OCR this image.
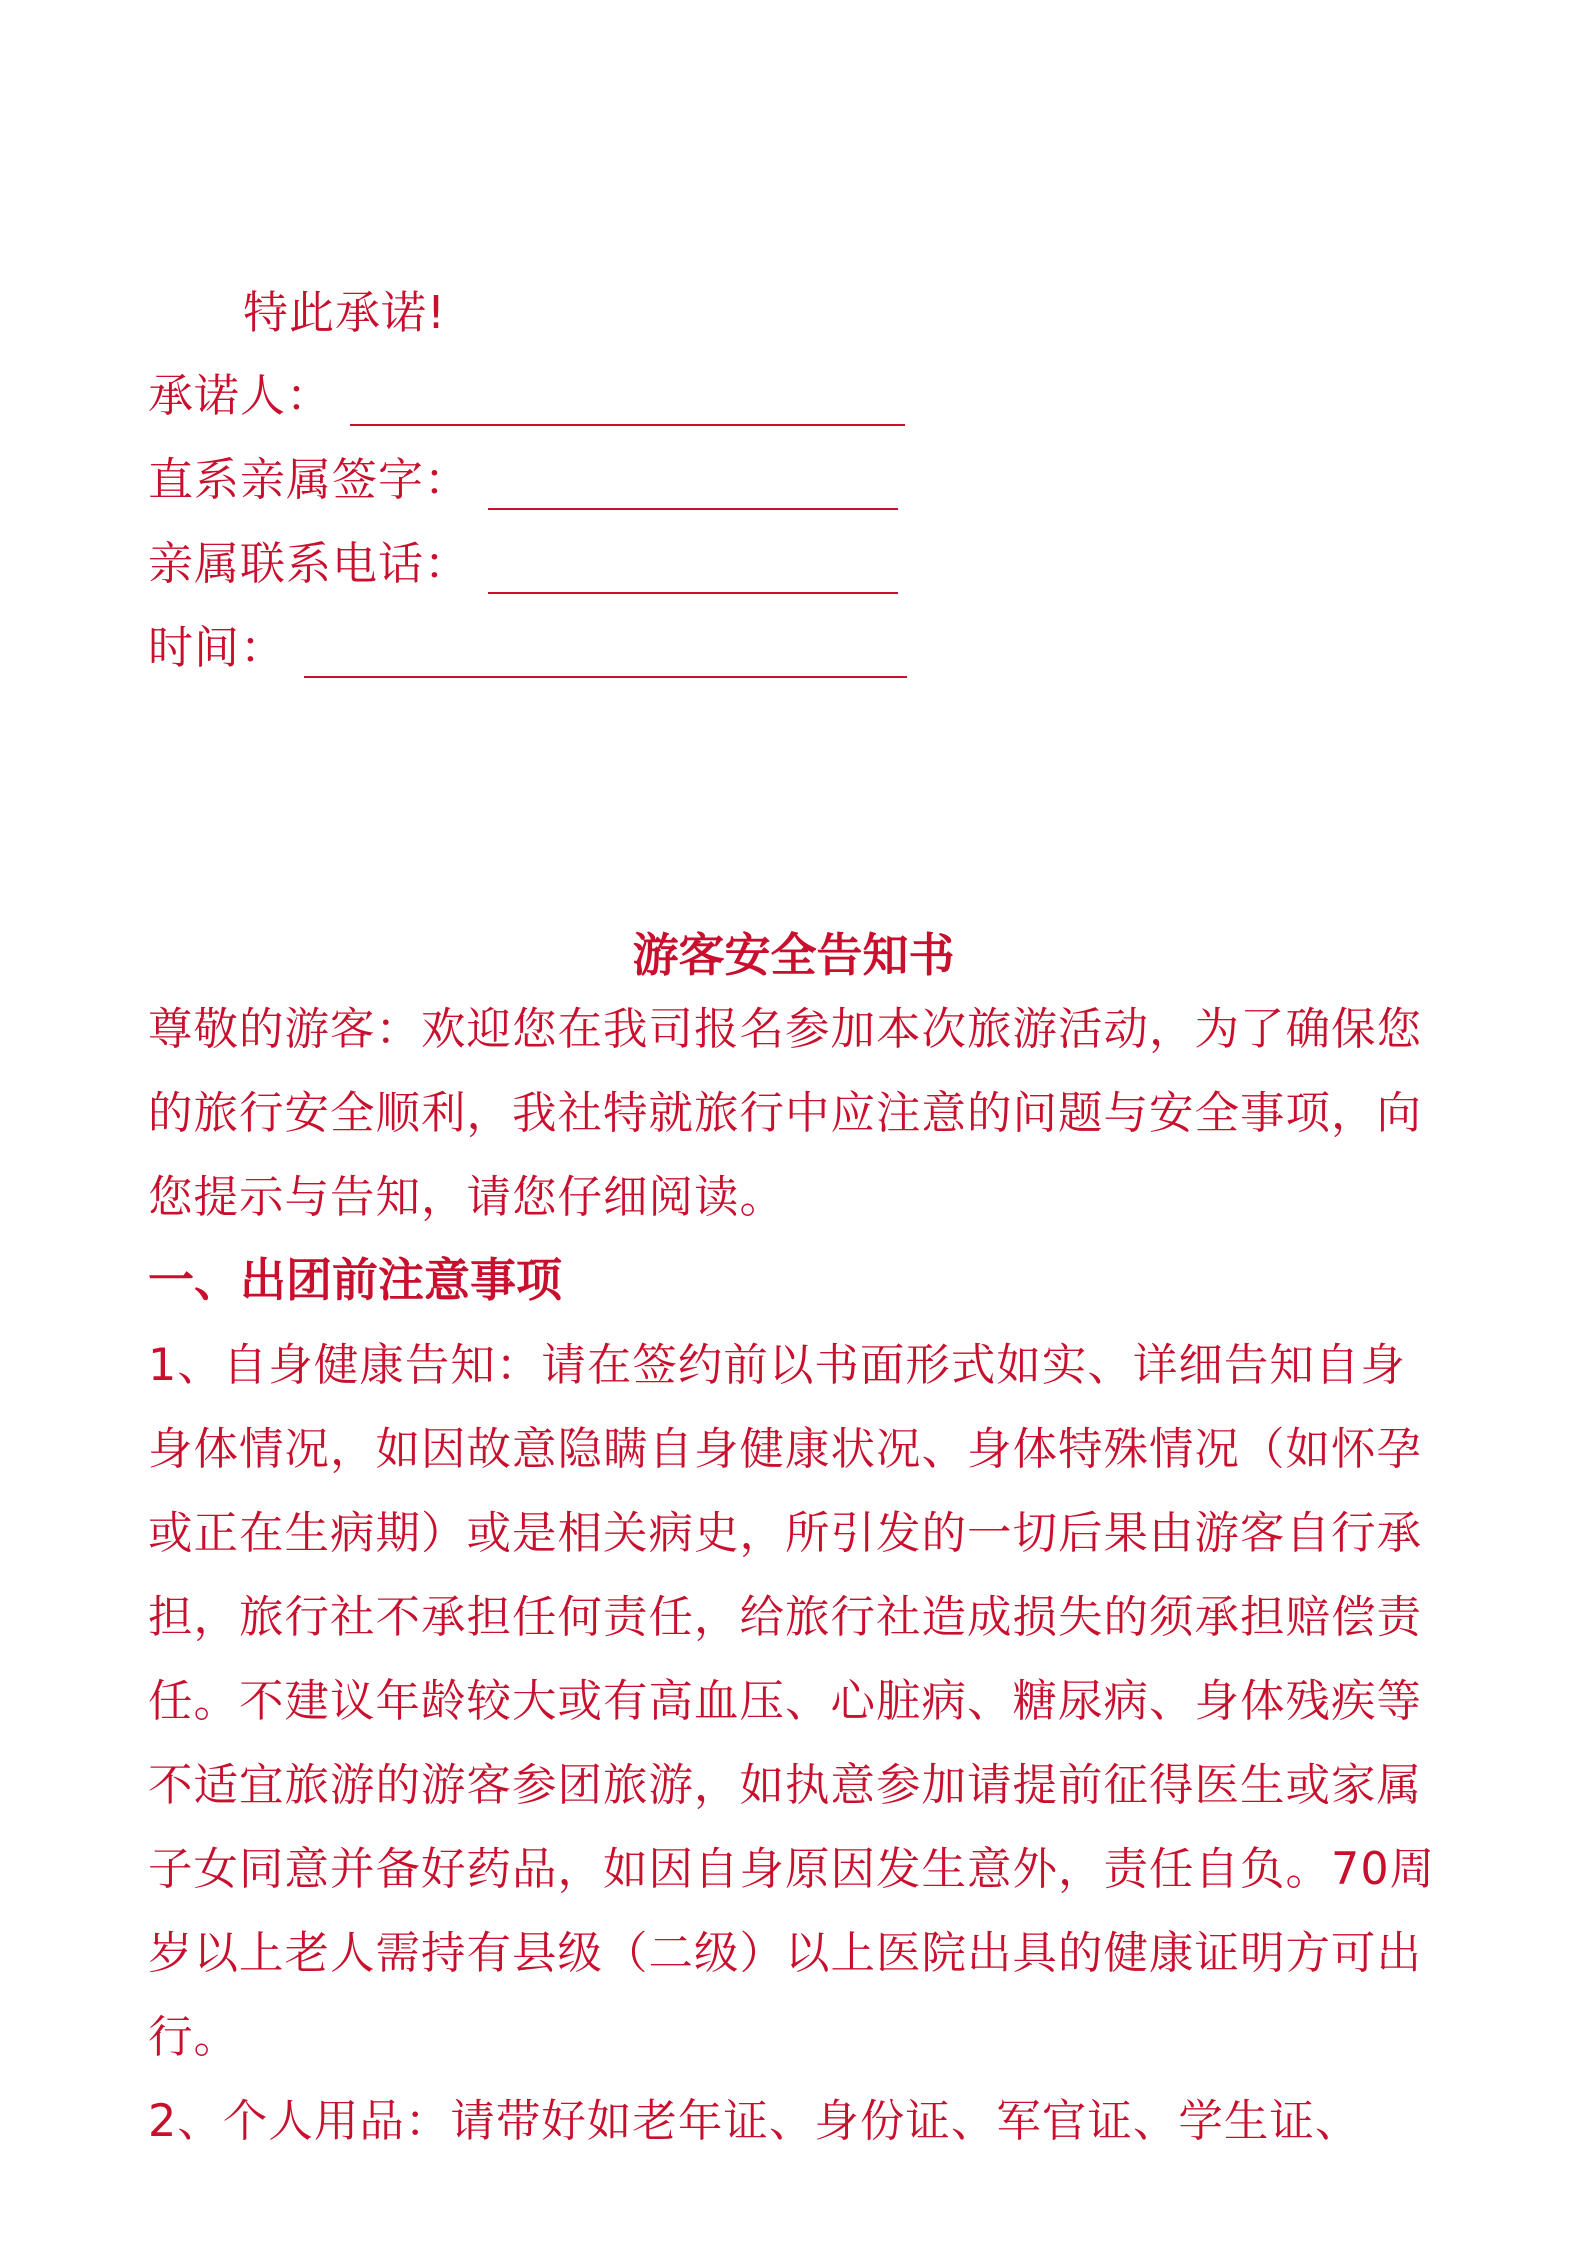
特此承诺!
承诺人：
直系亲属签字：
亲属联系电话：
时间：
游客安全告知书

尊敬的游客：欢迎您在我司报名参加本次旅游活动，为了确保您的旅行安全顺利，我社特就旅行中应注意的问题与安全事项，向您提示与告知，请您仔细阅读。

一、出团前注意事项

1、自身健康告知：请在签约前以书面形式如实、详细告知自身身体情况，如因故意隐瞒自身健康状况、身体特殊情况（如怀孕或正在生病期）或是相关病史，所引发的一切后果由游客自行承担，旅行社不承担任何责任，给旅行社造成损失的须承担赔偿责任。不建议年龄较大或有高血压、心脏病、糖尿病、身体残疾等不适宜旅游的游客参团旅游，如执意参加请提前征得医生或家属子女同意并备好药品，如因自身原因发生意外，责任自负。70周岁以上老人需持有县级（二级）以上医院出具的健康证明方可出行。

2、个人用品：请带好如老年证、身份证、军官证、学生证、
